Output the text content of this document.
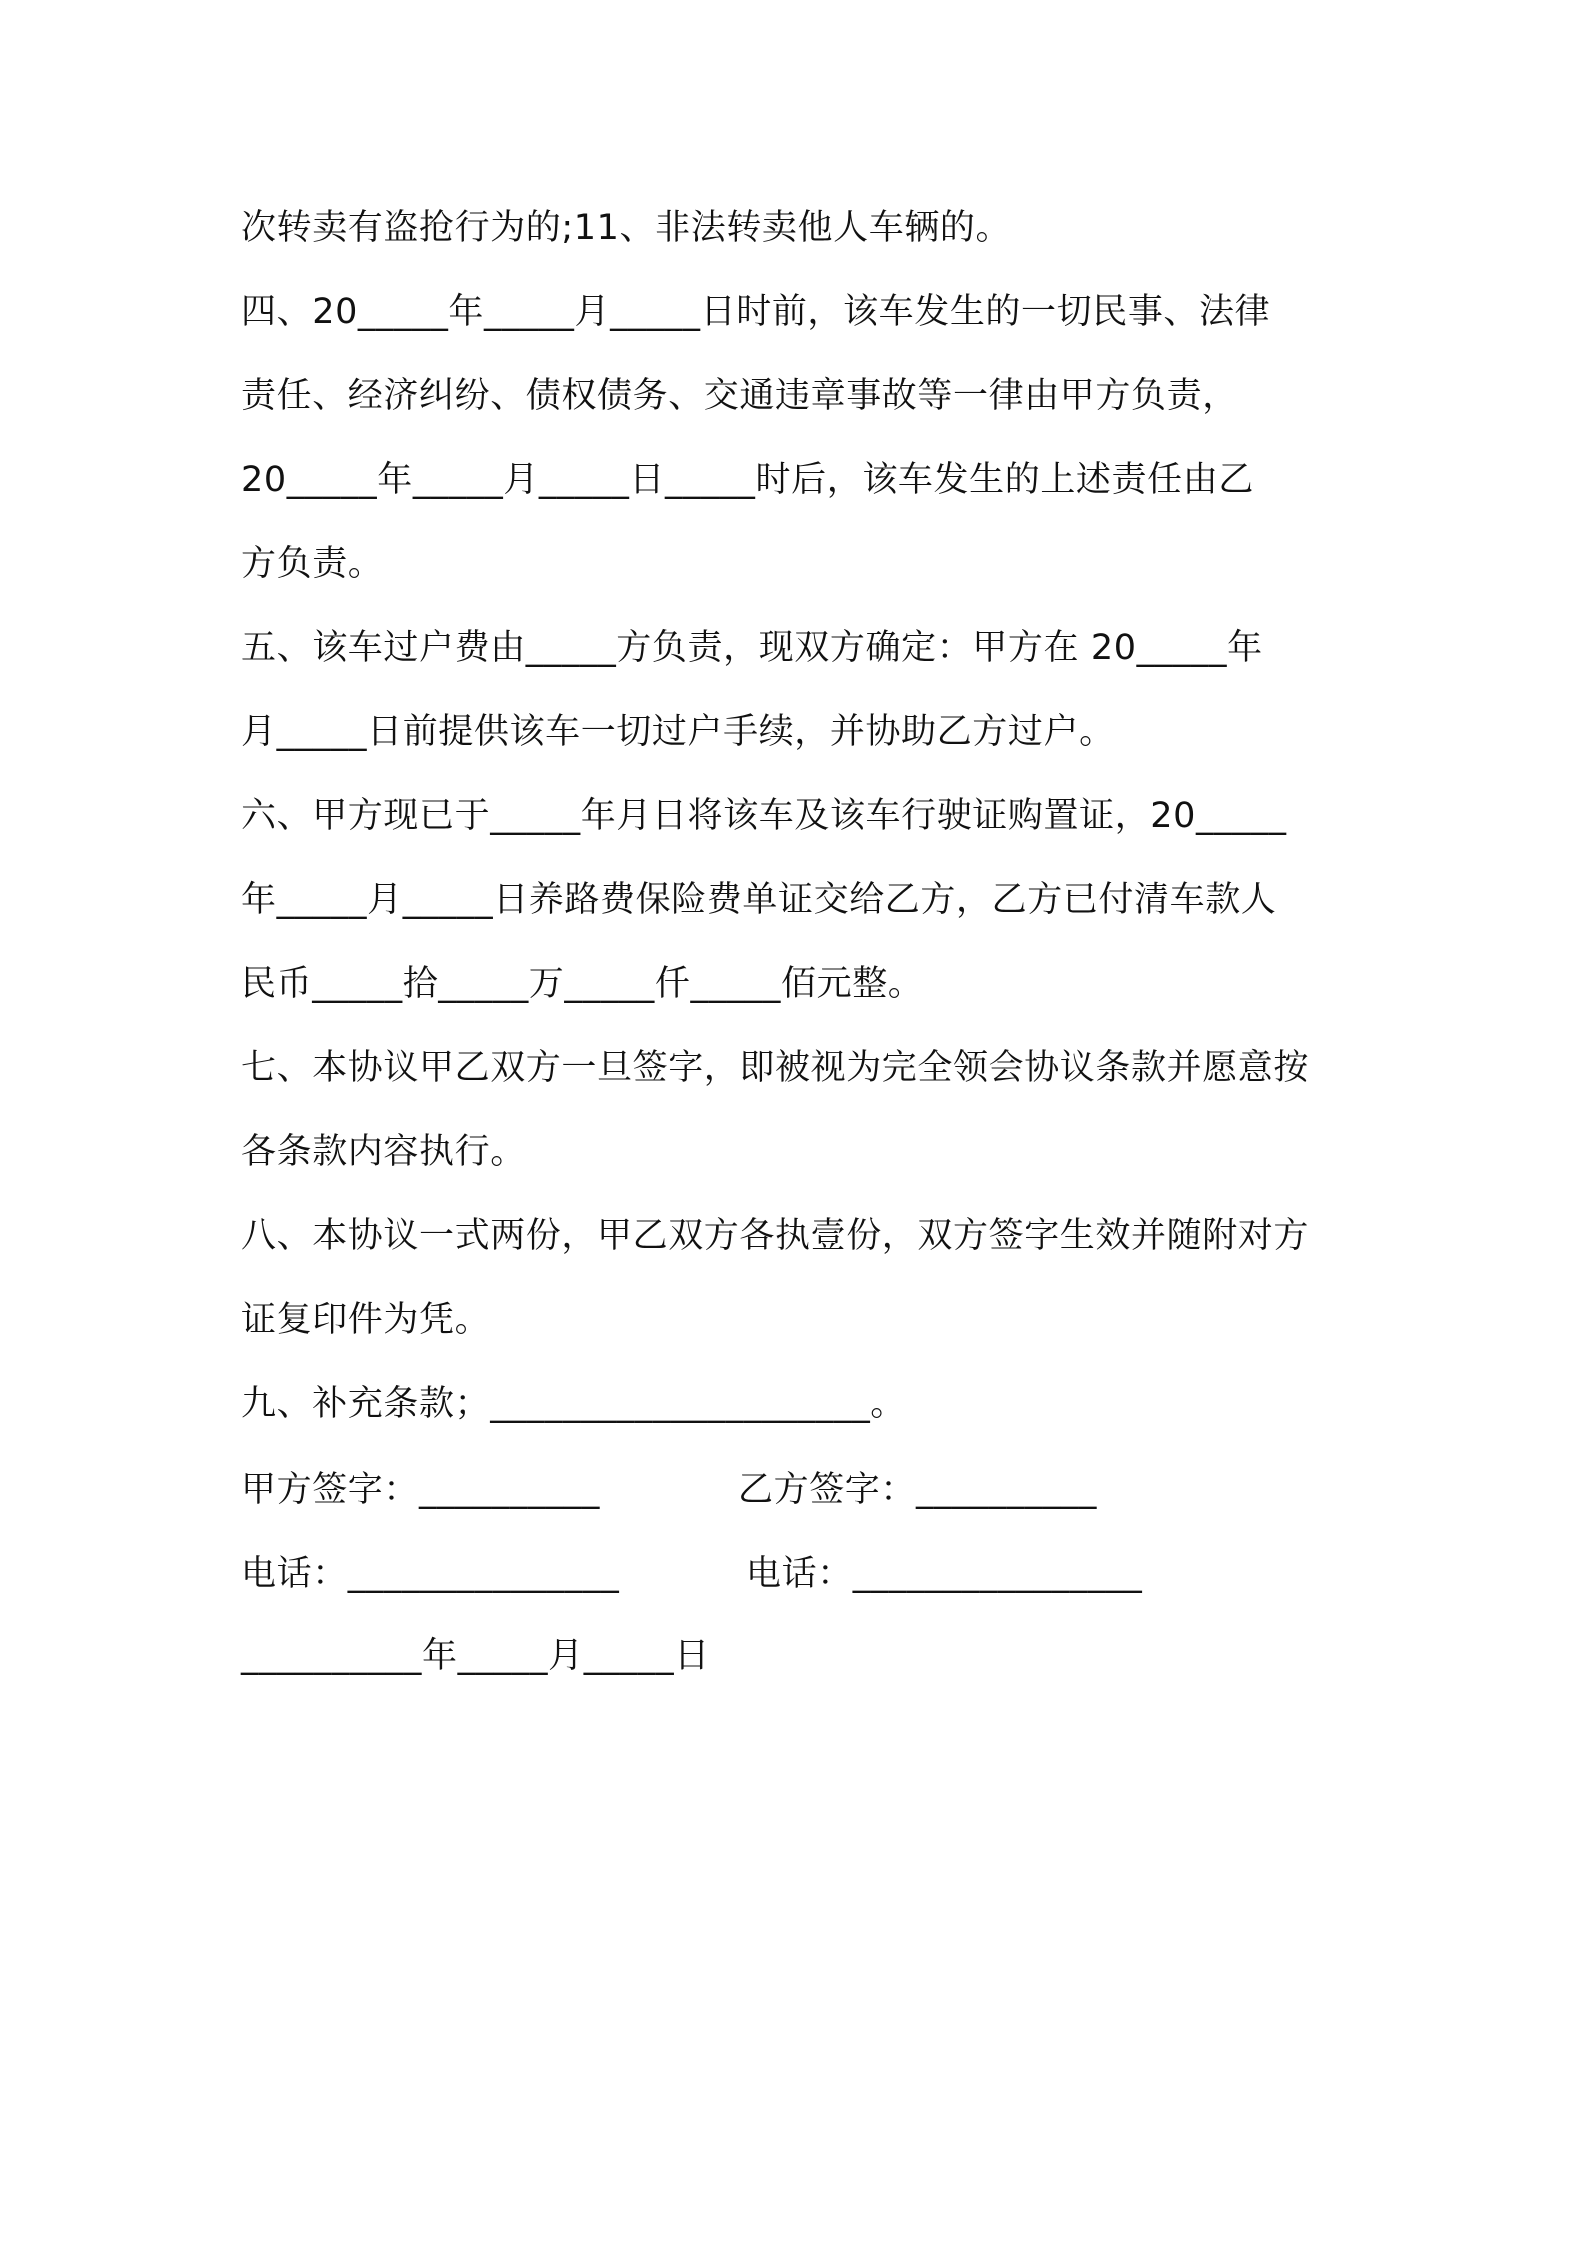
次转卖有盗抢行为的;11、非法转卖他人车辆的。
四、20_____年_____月_____日时前，该车发生的一切民事、法律
责任、经济纠纷、债权债务、交通违章事故等一律由甲方负责，
20_____年_____月_____日_____时后，该车发生的上述责任由乙
方负责。
五、该车过户费由_____方负责，现双方确定：甲方在 20_____年
月_____日前提供该车一切过户手续，并协助乙方过户。
六、甲方现已于_____年月日将该车及该车行驶证购置证，20_____
年_____月_____日养路费保险费单证交给乙方，乙方已付清车款人
民币_____拾_____万_____仟_____佰元整。
七、本协议甲乙双方一旦签字，即被视为完全领会协议条款并愿意按
各条款内容执行。
八、本协议一式两份，甲乙双方各执壹份，双方签字生效并随附对方
证复印件为凭。
九、补充条款；_____________________。
甲方签字：__________	乙方签字：__________
电话：_______________	电话：________________
__________年_____月_____日
